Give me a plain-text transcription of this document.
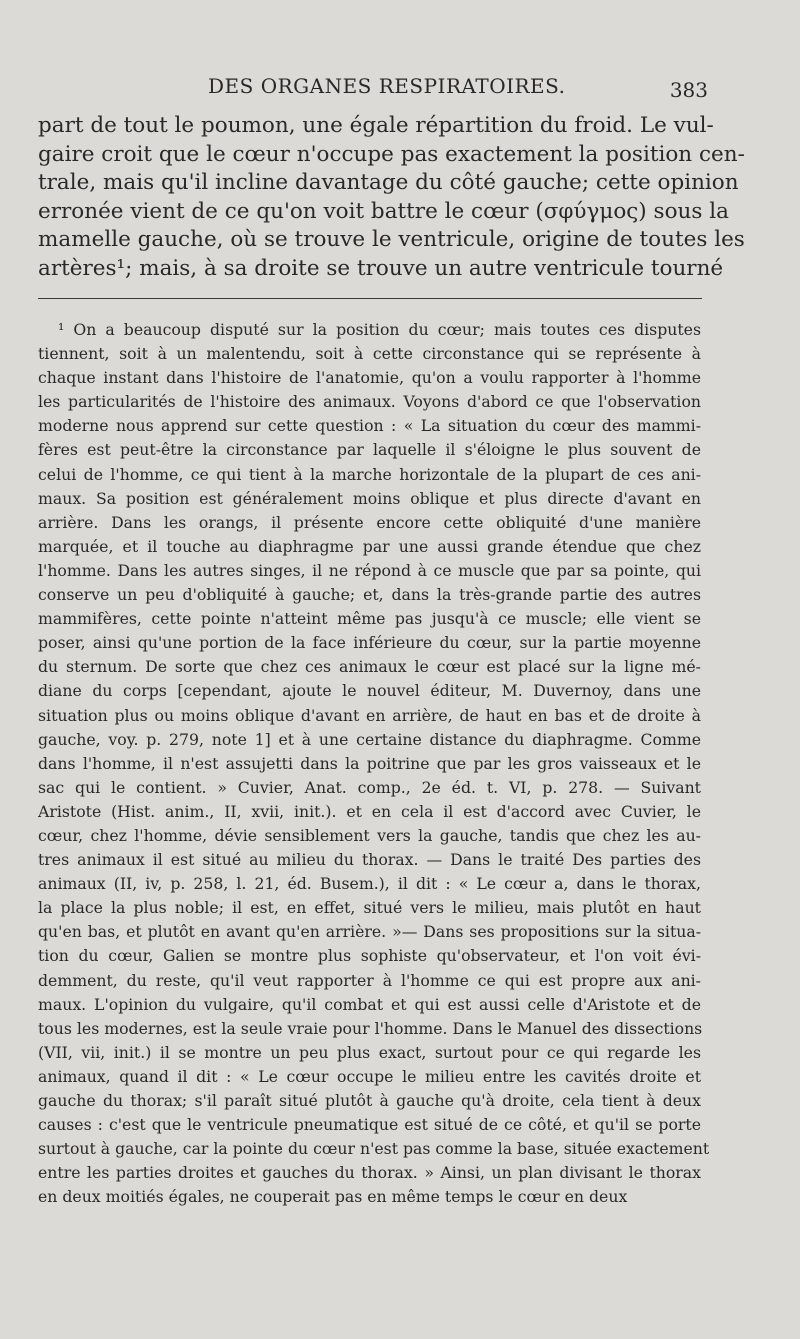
DES ORGANES RESPIRATOIRES.	383
part de tout le poumon, une égale répartition du froid. Le vul-
gaire croit que le cœur n'occupe pas exactement la position cen-
trale, mais qu'il incline davantage du côté gauche; cette opinion
erronée vient de ce qu'on voit battre le cœur (σφύγμος) sous la
mamelle gauche, où se trouve le ventricule, origine de toutes les
artères¹; mais, à sa droite se trouve un autre ventricule tourné
¹ On a beaucoup disputé sur la position du cœur; mais toutes ces disputes
tiennent, soit à un malentendu, soit à cette circonstance qui se représente à
chaque instant dans l'histoire de l'anatomie, qu'on a voulu rapporter à l'homme
les particularités de l'histoire des animaux. Voyons d'abord ce que l'observation
moderne nous apprend sur cette question : « La situation du cœur des mammi-
fères est peut-être la circonstance par laquelle il s'éloigne le plus souvent de
celui de l'homme, ce qui tient à la marche horizontale de la plupart de ces ani-
maux. Sa position est généralement moins oblique et plus directe d'avant en
arrière. Dans les orangs, il présente encore cette obliquité d'une manière
marquée, et il touche au diaphragme par une aussi grande étendue que chez
l'homme. Dans les autres singes, il ne répond à ce muscle que par sa pointe, qui
conserve un peu d'obliquité à gauche; et, dans la très-grande partie des autres
mammifères, cette pointe n'atteint même pas jusqu'à ce muscle; elle vient se
poser, ainsi qu'une portion de la face inférieure du cœur, sur la partie moyenne
du sternum. De sorte que chez ces animaux le cœur est placé sur la ligne mé-
diane du corps [cependant, ajoute le nouvel éditeur, M. Duvernoy, dans une
situation plus ou moins oblique d'avant en arrière, de haut en bas et de droite à
gauche, voy. p. 279, note 1] et à une certaine distance du diaphragme. Comme
dans l'homme, il n'est assujetti dans la poitrine que par les gros vaisseaux et le
sac qui le contient. » Cuvier, Anat. comp., 2e éd. t. VI, p. 278. — Suivant
Aristote (Hist. anim., II, xvii, init.). et en cela il est d'accord avec Cuvier, le
cœur, chez l'homme, dévie sensiblement vers la gauche, tandis que chez les au-
tres animaux il est situé au milieu du thorax. — Dans le traité Des parties des
animaux (II, iv, p. 258, l. 21, éd. Busem.), il dit : « Le cœur a, dans le thorax,
la place la plus noble; il est, en effet, situé vers le milieu, mais plutôt en haut
qu'en bas, et plutôt en avant qu'en arrière. »— Dans ses propositions sur la situa-
tion du cœur, Galien se montre plus sophiste qu'observateur, et l'on voit évi-
demment, du reste, qu'il veut rapporter à l'homme ce qui est propre aux ani-
maux. L'opinion du vulgaire, qu'il combat et qui est aussi celle d'Aristote et de
tous les modernes, est la seule vraie pour l'homme. Dans le Manuel des dissections
(VII, vii, init.) il se montre un peu plus exact, surtout pour ce qui regarde les
animaux, quand il dit : « Le cœur occupe le milieu entre les cavités droite et
gauche du thorax; s'il paraît situé plutôt à gauche qu'à droite, cela tient à deux
causes : c'est que le ventricule pneumatique est situé de ce côté, et qu'il se porte
surtout à gauche, car la pointe du cœur n'est pas comme la base, située exactement
entre les parties droites et gauches du thorax. » Ainsi, un plan divisant le thorax
en deux moitiés égales, ne couperait pas en même temps le cœur en deux
